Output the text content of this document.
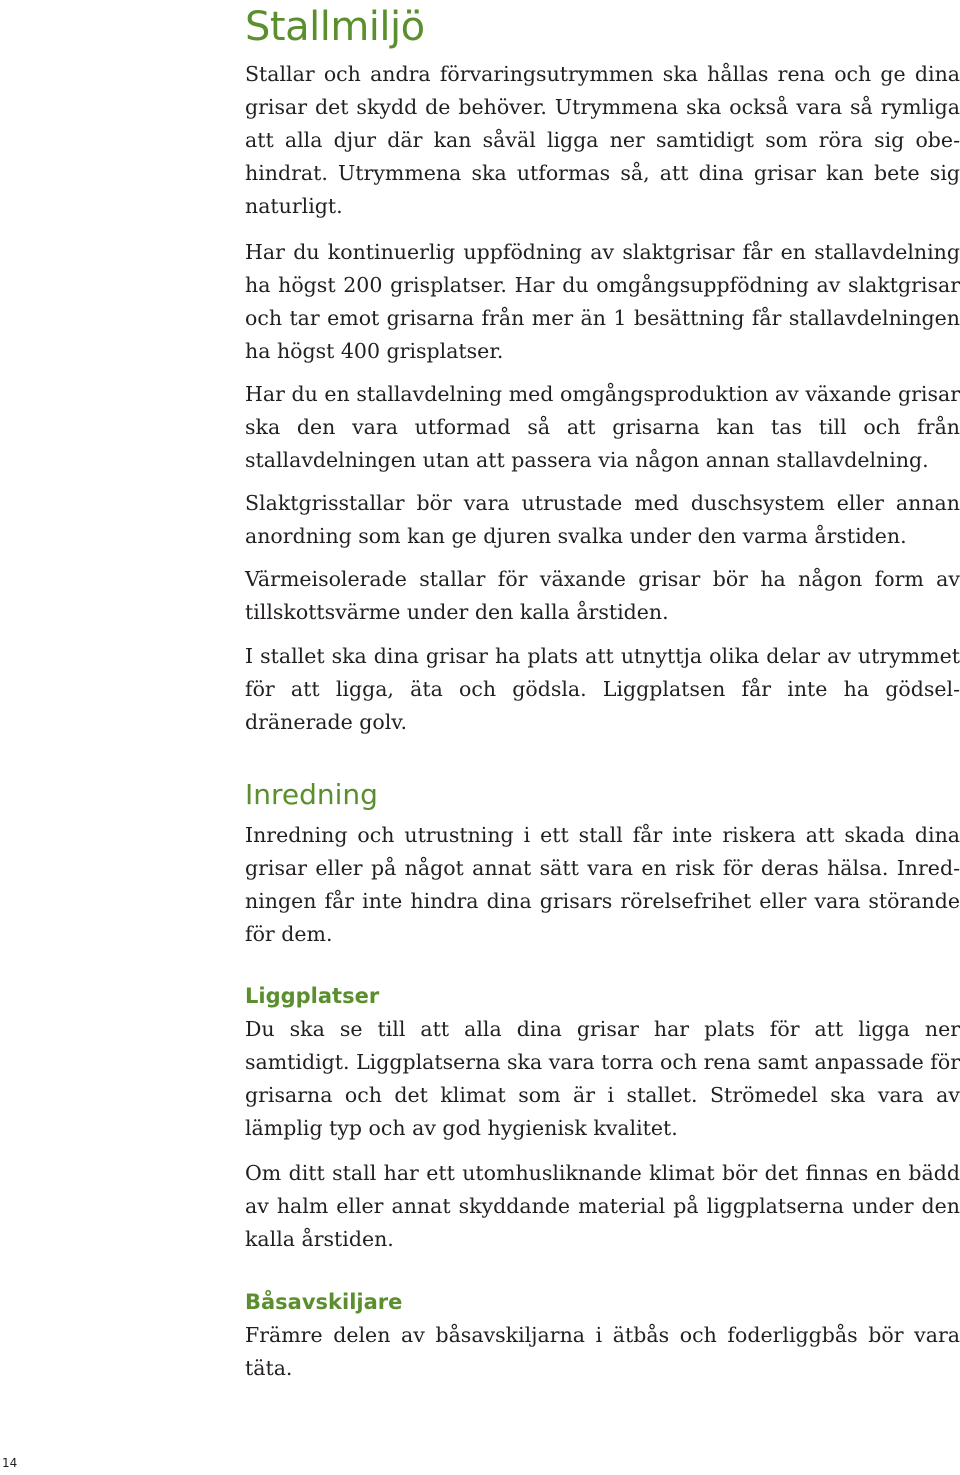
Stallmiljö

Stallar och andra förvaringsutrymmen ska hållas rena och ge dina grisar det skydd de behöver. Utrymmena ska också vara så rymliga att alla djur där kan såväl ligga ner samtidigt som röra sig obehindrat. Utrymmena ska utformas så, att dina grisar kan bete sig naturligt.

Har du kontinuerlig uppfödning av slaktgrisar får en stallavdelning ha högst 200 grisplatser. Har du omgångsuppfödning av slaktgrisar och tar emot grisarna från mer än 1 besättning får stallavdelningen ha högst 400 grisplatser.

Har du en stallavdelning med omgångsproduktion av växande grisar ska den vara utformad så att grisarna kan tas till och från stallavdelningen utan att passera via någon annan stallavdelning.

Slaktgrisstallar bör vara utrustade med duschsystem eller annan anordning som kan ge djuren svalka under den varma årstiden.

Värmeisolerade stallar för växande grisar bör ha någon form av tillskottsvärme under den kalla årstiden.

I stallet ska dina grisar ha plats att utnyttja olika delar av utrymmet för att ligga, äta och gödsla. Liggplatsen får inte ha gödseldränerade golv.

Inredning

Inredning och utrustning i ett stall får inte riskera att skada dina grisar eller på något annat sätt vara en risk för deras hälsa. Inredningen får inte hindra dina grisars rörelsefrihet eller vara störande för dem.

Liggplatser

Du ska se till att alla dina grisar har plats för att ligga ner samtidigt. Liggplatserna ska vara torra och rena samt anpassade för grisarna och det klimat som är i stallet. Strömedel ska vara av lämplig typ och av god hygienisk kvalitet.

Om ditt stall har ett utomhusliknande klimat bör det finnas en bädd av halm eller annat skyddande material på liggplatserna under den kalla årstiden.

Båsavskiljare

Främre delen av båsavskiljarna i ätbås och foderliggbås bör vara täta.

14
